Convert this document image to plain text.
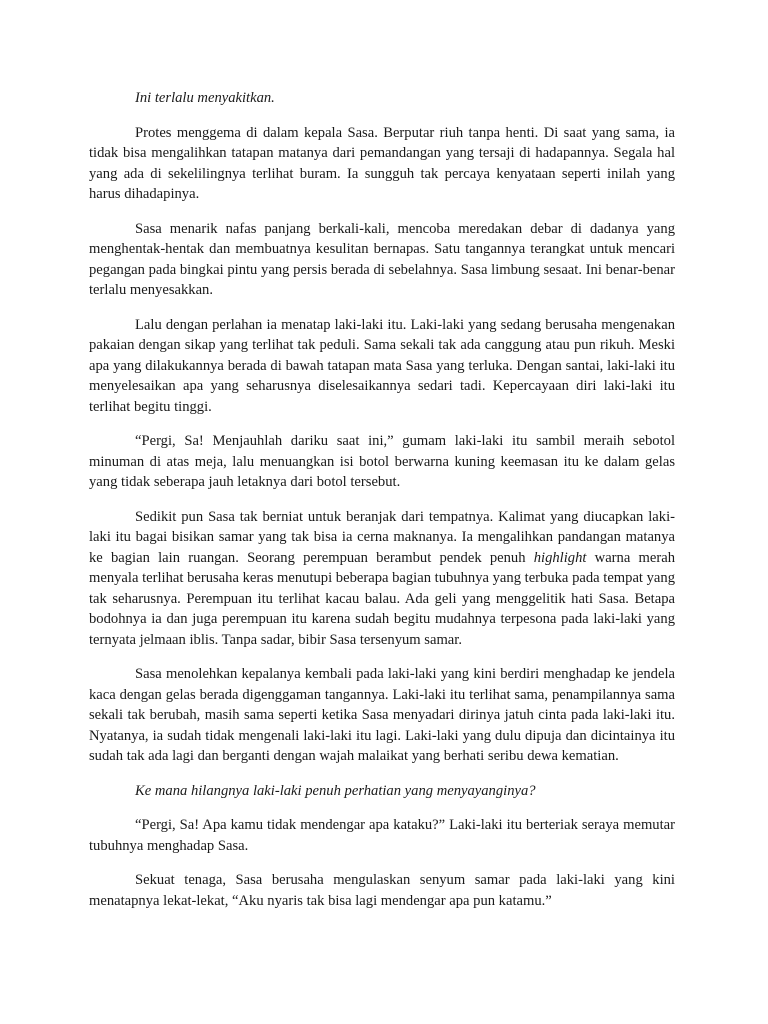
Ini terlalu menyakitkan.

Protes menggema di dalam kepala Sasa. Berputar riuh tanpa henti. Di saat yang sama, ia tidak bisa mengalihkan tatapan matanya dari pemandangan yang tersaji di hadapannya. Segala hal yang ada di sekelilingnya terlihat buram. Ia sungguh tak percaya kenyataan seperti inilah yang harus dihadapinya.

Sasa menarik nafas panjang berkali-kali, mencoba meredakan debar di dadanya yang menghentak-hentak dan membuatnya kesulitan bernapas. Satu tangannya terangkat untuk mencari pegangan pada bingkai pintu yang persis berada di sebelahnya. Sasa limbung sesaat. Ini benar-benar terlalu menyesakkan.

Lalu dengan perlahan ia menatap laki-laki itu. Laki-laki yang sedang berusaha mengenakan pakaian dengan sikap yang terlihat tak peduli. Sama sekali tak ada canggung atau pun rikuh. Meski apa yang dilakukannya berada di bawah tatapan mata Sasa yang terluka. Dengan santai, laki-laki itu menyelesaikan apa yang seharusnya diselesaikannya sedari tadi. Kepercayaan diri laki-laki itu terlihat begitu tinggi.

“Pergi, Sa! Menjauhlah dariku saat ini,” gumam laki-laki itu sambil meraih sebotol minuman di atas meja, lalu menuangkan isi botol berwarna kuning keemasan itu ke dalam gelas yang tidak seberapa jauh letaknya dari botol tersebut.

Sedikit pun Sasa tak berniat untuk beranjak dari tempatnya. Kalimat yang diucapkan laki-laki itu bagai bisikan samar yang tak bisa ia cerna maknanya. Ia mengalihkan pandangan matanya ke bagian lain ruangan. Seorang perempuan berambut pendek penuh highlight warna merah menyala terlihat berusaha keras menutupi beberapa bagian tubuhnya yang terbuka pada tempat yang tak seharusnya. Perempuan itu terlihat kacau balau. Ada geli yang menggelitik hati Sasa. Betapa bodohnya ia dan juga perempuan itu karena sudah begitu mudahnya terpesona pada laki-laki yang ternyata jelmaan iblis. Tanpa sadar, bibir Sasa tersenyum samar.

Sasa menolehkan kepalanya kembali pada laki-laki yang kini berdiri menghadap ke jendela kaca dengan gelas berada digenggaman tangannya. Laki-laki itu terlihat sama, penampilannya sama sekali tak berubah, masih sama seperti ketika Sasa menyadari dirinya jatuh cinta pada laki-laki itu. Nyatanya, ia sudah tidak mengenali laki-laki itu lagi. Laki-laki yang dulu dipuja dan dicintainya itu sudah tak ada lagi dan berganti dengan wajah malaikat yang berhati seribu dewa kematian.

Ke mana hilangnya laki-laki penuh perhatian yang menyayanginya?

“Pergi, Sa! Apa kamu tidak mendengar apa kataku?” Laki-laki itu berteriak seraya memutar tubuhnya menghadap Sasa.

Sekuat tenaga, Sasa berusaha mengulaskan senyum samar pada laki-laki yang kini menatapnya lekat-lekat, “Aku nyaris tak bisa lagi mendengar apa pun katamu.”
